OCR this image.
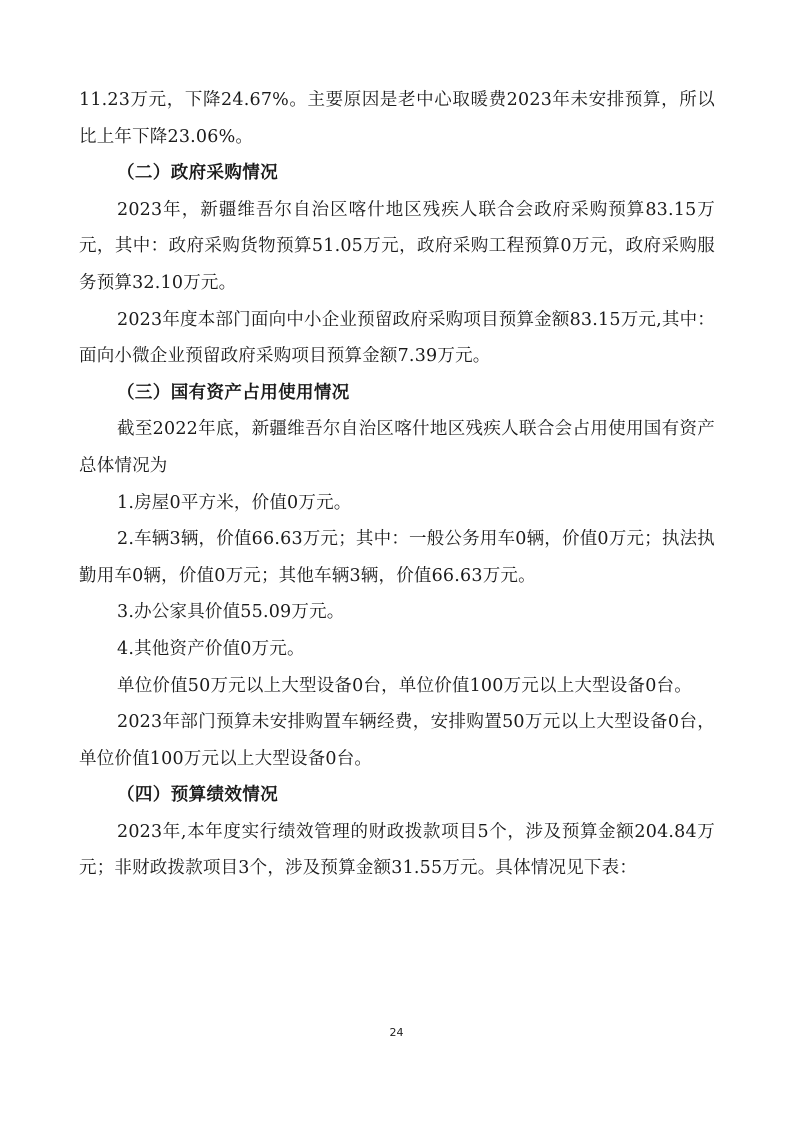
11.23万元，下降24.67%。主要原因是老中心取暖费2023年未安排预算，所以比上年下降23.06%。

（二）政府采购情况

2023年，新疆维吾尔自治区喀什地区残疾人联合会政府采购预算83.15万元，其中：政府采购货物预算51.05万元，政府采购工程预算0万元，政府采购服务预算32.10万元。

2023年度本部门面向中小企业预留政府采购项目预算金额83.15万元,其中：面向小微企业预留政府采购项目预算金额7.39万元。

（三）国有资产占用使用情况

截至2022年底，新疆维吾尔自治区喀什地区残疾人联合会占用使用国有资产总体情况为

1.房屋0平方米，价值0万元。

2.车辆3辆，价值66.63万元；其中：一般公务用车0辆，价值0万元；执法执勤用车0辆，价值0万元；其他车辆3辆，价值66.63万元。

3.办公家具价值55.09万元。

4.其他资产价值0万元。

单位价值50万元以上大型设备0台，单位价值100万元以上大型设备0台。

2023年部门预算未安排购置车辆经费，安排购置50万元以上大型设备0台，单位价值100万元以上大型设备0台。

（四）预算绩效情况

2023年,本年度实行绩效管理的财政拨款项目5个，涉及预算金额204.84万元；非财政拨款项目3个，涉及预算金额31.55万元。具体情况见下表：

24
